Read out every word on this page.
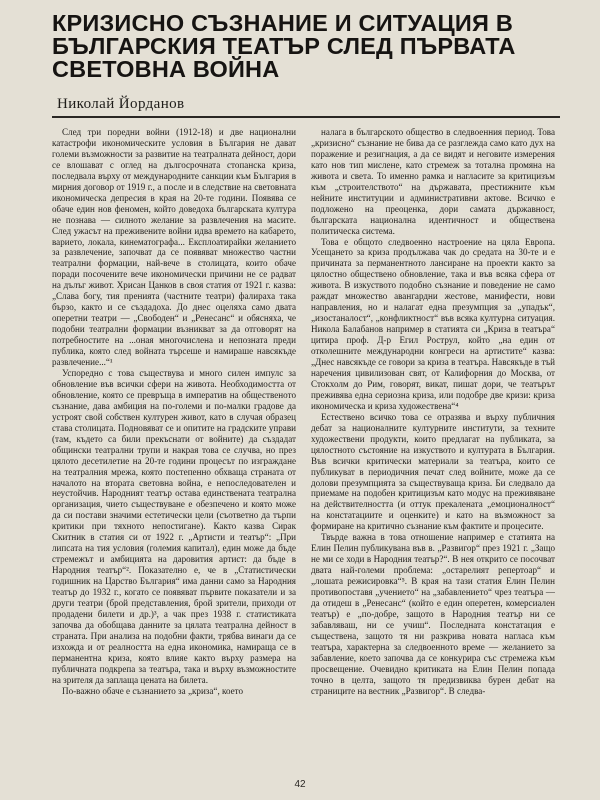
КРИЗИСНО СЪЗНАНИЕ И СИТУАЦИЯ В
БЪЛГАРСКИЯ ТЕАТЪР СЛЕД ПЪРВАТА
СВЕТОВНА ВОЙНА
Николай Йорданов

След три поредни войни (1912-18) и две национални катастрофи икономическите условия в България не дават големи възможности за развитие на театралната дейност, дори се влошават с оглед на дългосрочната стопанска криза, последвала върху от международните санкции към България в мирния договор от 1919 г., а после и в следствие на световната икономическа депресия в края на 20-те години. Появява се обаче един нов феномен, който доведоха българската култура не познава — силното желание за развлечения на масите. След ужасът на преживените войни идва времето на кабарето, варието, локала, кинематографа... Експлоатирайки желанието за развлечение, започват да се появяват множество частни театрални формации, най-вече в столицата, които обаче поради посочените вече икономически причини не се радват на дълъг живот. Хрисан Цанков в своя статия от 1921 г. казва: „Слава богу, тия пренията (частните театри) фалираха така бързо, както и се създадоха. До днес оцеляха само двата оперетни театри — „Свободен“ и „Ренесанс“ и обясняха, че подобни театрални формации възникват за да отговорят на потребностите на ...оная многочислена и непозната преди публика, която след войната търсеше и намираше навсякъде развлечение...“¹

Успоредно с това съществува и много силен импулс за обновление във всички сфери на живота. Необходимостта от обновление, която се превръща в императив на общественото съзнание, дава амбиция на по-големи и по-малки градове да устроят свой собствен културен живот, като в случая образец става столицата. Подновяват се и опитите на градските управи (там, където са били прекъснати от войните) да създадат общински театрални трупи и накрая това се случва, но през цялото десетилетие на 20-те години процесът по изграждане на театралния мрежа, която постепенно обхваща страната от началото на втората световна война, е непоследователен и неустойчив. Народният театър остава единствената театрална организация, чието съществуване е обезпечено и която може да си постави значими естетически цели (съответно да търпи критики при тяхното непостигане). Както казва Сирак Скитник в статия си от 1922 г. „Артисти и театър“: „При липсата на тия условия (големия капитал), един може да бъде стремежът и амбицията на даровития артист: да бъде в Народния театър“². Показателно е, че в „Статистически годишник на Царство България“ има данни само за Народния театър до 1932 г., когато се появяват първите показатели и за други театри (брой представления, брой зрители, приходи от продадени билети и др.)³, а чак през 1938 г. статистиката започва да обобщава данните за цялата театрална дейност в страната. При анализа на подобни факти, трябва винаги да се изхожда и от реалността на една икономика, намираща се в перманентна криза, която влияе както върху размера на публичната подкрепа за театъра, така и върху възможностите на зрителя да заплаща цената на билета.

По-важно обаче е съзнанието за „криза“, което

налага в българското общество в следвоенния период. Това „кризисно“ съзнание не бива да се разглежда само като дух на поражение и резигнация, а да се видят и неговите измерения като нов тип мислене, като стремеж за тотална промяна на живота и света. То именно рамка и нагласите за критицизъм към „строителството“ на държавата, престижните към нейните институции и административни актове. Всичко е подложено на преоценка, дори самата държавност, българската национална идентичност и обществена политическа система.

Това е общото следвоенно настроение на цяла Европа. Усещането за криза продължава чак до средата на 30-те и е причината за перманентното лансиране на проекти както за цялостно обществено обновление, така и във всяка сфера от живота. В изкуството подобно съзнание и поведение не само раждат множество авангардни жестове, манифести, нови направления, но и налагат една презумпция за „упадък“, „изостаналост“, „конфликтност“ във всяка културна ситуация. Никола Балабанов например в статията си „Криза в театъра“ цитира проф. Д-р Егил Рострул, който „на един от отколешните международни конгреси на артистите“ казва: „Днес навсякъде се говори за криза в театъра. Навсякъде в тъй наречения цивилизован свят, от Калифорния до Москва, от Стокхолм до Рим, говорят, викат, пишат дори, че театърът преживява една сериозна криза, или подобре две кризи: криза икономическа и криза художествена“⁴

Естествено всичко това се отразява и върху публичния дебат за националните културните институти, за техните художествени продукти, които предлагат на публиката, за цялостното състояние на изкуството и културата в България. Във всички критически материали за театъра, които се публикуват в периодичния печат след войните, може да се долови презумпцията за съществуваща криза. Би следвало да приемаме на подобен критицизъм като модус на преживяване на действителността (и оттук прекалената „емоционалност“ на констатациите и оценките) и като на възможност за формиране на критично съзнание към фактите и процесите.

Твърде важна в това отношение например е статията на Елин Пелин публикувана във в. „Развигор“ през 1921 г. „Защо не ми се ходи в Народния театър?“. В нея откритo се посочват двата най-големи проблема: „остарелият репертоар“ и „лошата режисировка“⁵. В края на тази статия Елин Пелин противопоставя „учението“ на „забавлението“ чрез театъра — да отидеш в „Ренесанс“ (който е един оперетен, комерсиален театър) е „по-добре, защото в Народния театър ни се забавляваш, ни се учиш“. Последната констатация е съществена, защото тя ни разкрива новата нагласа към театъра, характерна за следвоенното време — желанието за забавление, което започва да се конкурира със стремежа към просвещение. Очевидно критиката на Елин Пелин попада точно в целта, защото тя предизвиква бурен дебат на страниците на вестник „Развигор“. В следва-

42
